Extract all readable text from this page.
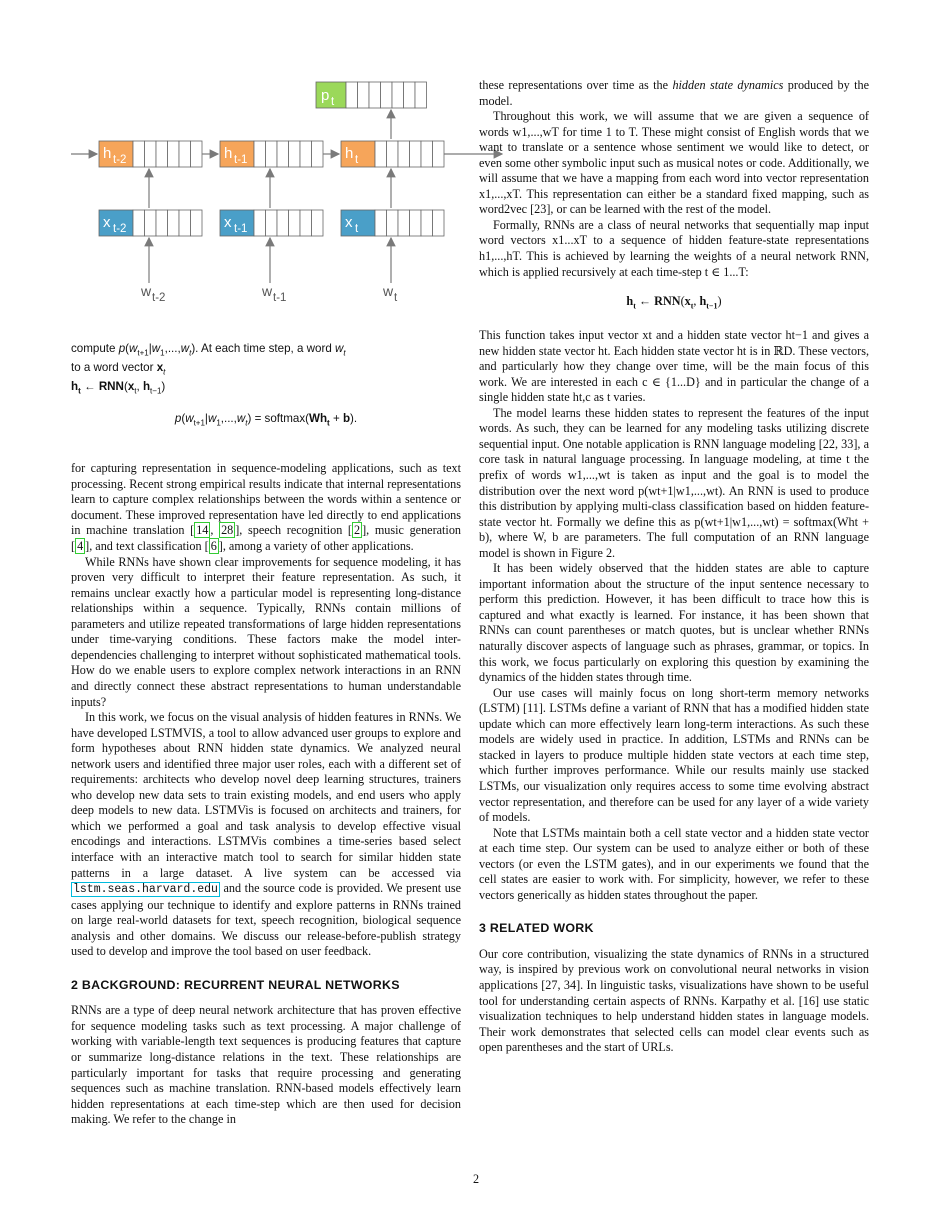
h t-2
x t-2
w t-2
h t-1
x t-1
w t-1
h t
x t
w t
p t
compute $p(w_{t+1}|w_1,...,w_t)$. At each time step, a word $w_t$
to a word vector $x_t$
$h_t$ ← $RNN(x_t$, $h_{t-1}$)
$p(w_{t+1}|w_1,...,w_t)$ = $softmax(Wh_t + b)$.

for capturing representation in sequence-modeling applications, such as text processing. Recent strong empirical results indicate that internal representations learn to capture complex relationships between the words within a sentence or document. These improved representation have led directly to end applications in machine translation [ 14 , 28 ], speech recognition [ 2 ], music generation [ 4 ], and text classification [ 6 ], among a variety of other applications.

While RNNs have shown clear improvements for sequence modeling, it has proven very difficult to interpret their feature representation. As such, it remains unclear exactly how a particular model is representing long-distance relationships within a sequence. Typically, RNNs contain millions of parameters and utilize repeated transformations of large hidden representations under time-varying conditions. These factors make the model inter-dependencies challenging to interpret without sophisticated mathematical tools. How do we enable users to explore complex network interactions in an RNN and directly connect these abstract representations to human understandable inputs?

In this work, we focus on the visual analysis of hidden features in RNNs. We have developed LSTMVIS, a tool to allow advanced user groups to explore and form hypotheses about RNN hidden state dynamics. We analyzed neural network users and identified three major user roles, each with a different set of requirements: architects who develop novel deep learning structures, trainers who develop new data sets to train existing models, and end users who apply deep models to new data. LSTMVis is focused on architects and trainers, for which we performed a goal and task analysis to develop effective visual encodings and interactions. LSTMVis combines a time-series based select interface with an interactive match tool to search for similar hidden state patterns in a large dataset. A live system can be accessed via lstm.seas.harvard.edu and the source code is provided. We present use cases applying our technique to identify and explore patterns in RNNs trained on large real-world datasets for text, speech recognition, biological sequence analysis and other domains. We discuss our release-before-publish strategy used to develop and improve the tool based on user feedback.

2 BACKGROUND: RECURRENT NEURAL NETWORKS

RNNs are a type of deep neural network architecture that has proven effective for sequence modeling tasks such as text processing. A major challenge of working with variable-length text sequences is producing features that capture or summarize long-distance relations in the text. These relationships are particularly important for tasks that require processing and generating sequences such as machine translation. RNN-based models effectively learn hidden representations at each time-step which are then used for decision making. We refer to the change in

these representations over time as the hidden state dynamics produced by the model.

Throughout this work, we will assume that we are given a sequence of words w1,...,wT for time 1 to T. These might consist of English words that we want to translate or a sentence whose sentiment we would like to detect, or even some other symbolic input such as musical notes or code. Additionally, we will assume that we have a mapping from each word into vector representation x1,...,xT. This representation can either be a standard fixed mapping, such as word2vec [23], or can be learned with the rest of the model.

Formally, RNNs are a class of neural networks that sequentially map input word vectors x1...xT to a sequence of hidden feature-state representations h1,...,hT. This is achieved by learning the weights of a neural network RNN, which is applied recursively at each time-step t ∈ 1...T:

$h_t$ ← $RNN(x_t$, $h_{t-1}$)

This function takes input vector xt and a hidden state vector ht−1 and gives a new hidden state vector ht. Each hidden state vector ht is in ℝD. These vectors, and particularly how they change over time, will be the main focus of this work. We are interested in each c ∈ {1...D} and in particular the change of a single hidden state ht,c as t varies.

The model learns these hidden states to represent the features of the input words. As such, they can be learned for any modeling tasks utilizing discrete sequential input. One notable application is RNN language modeling [22, 33], a core task in natural language processing. In language modeling, at time t the prefix of words w1,...,wt is taken as input and the goal is to model the distribution over the next word p(wt+1|w1,...,wt). An RNN is used to produce this distribution by applying multi-class classification based on hidden feature-state vector ht. Formally we define this as p(wt+1|w1,...,wt) = softmax(Wht + b), where W, b are parameters. The full computation of an RNN language model is shown in Figure 2.

It has been widely observed that the hidden states are able to capture important information about the structure of the input sentence necessary to perform this prediction. However, it has been difficult to trace how this is captured and what exactly is learned. For instance, it has been shown that RNNs can count parentheses or match quotes, but is unclear whether RNNs naturally discover aspects of language such as phrases, grammar, or topics. In this work, we focus particularly on exploring this question by examining the dynamics of the hidden states through time.

Our use cases will mainly focus on long short-term memory networks (LSTM) [11]. LSTMs define a variant of RNN that has a modified hidden state update which can more effectively learn long-term interactions. As such these models are widely used in practice. In addition, LSTMs and RNNs can be stacked in layers to produce multiple hidden state vectors at each time step, which further improves performance. While our results mainly use stacked LSTMs, our visualization only requires access to some time evolving abstract vector representation, and therefore can be used for any layer of a wide variety of models.

Note that LSTMs maintain both a cell state vector and a hidden state vector at each time step. Our system can be used to analyze either or both of these vectors (or even the LSTM gates), and in our experiments we found that the cell states are easier to work with. For simplicity, however, we refer to these vectors generically as hidden states throughout the paper.

3 RELATED WORK

Our core contribution, visualizing the state dynamics of RNNs in a structured way, is inspired by previous work on convolutional neural networks in vision applications [27, 34]. In linguistic tasks, visualizations have shown to be useful tool for understanding certain aspects of RNNs. Karpathy et al. [16] use static visualization techniques to help understand hidden states in language models. Their work demonstrates that selected cells can model clear events such as open parentheses and the start of URLs.

2
